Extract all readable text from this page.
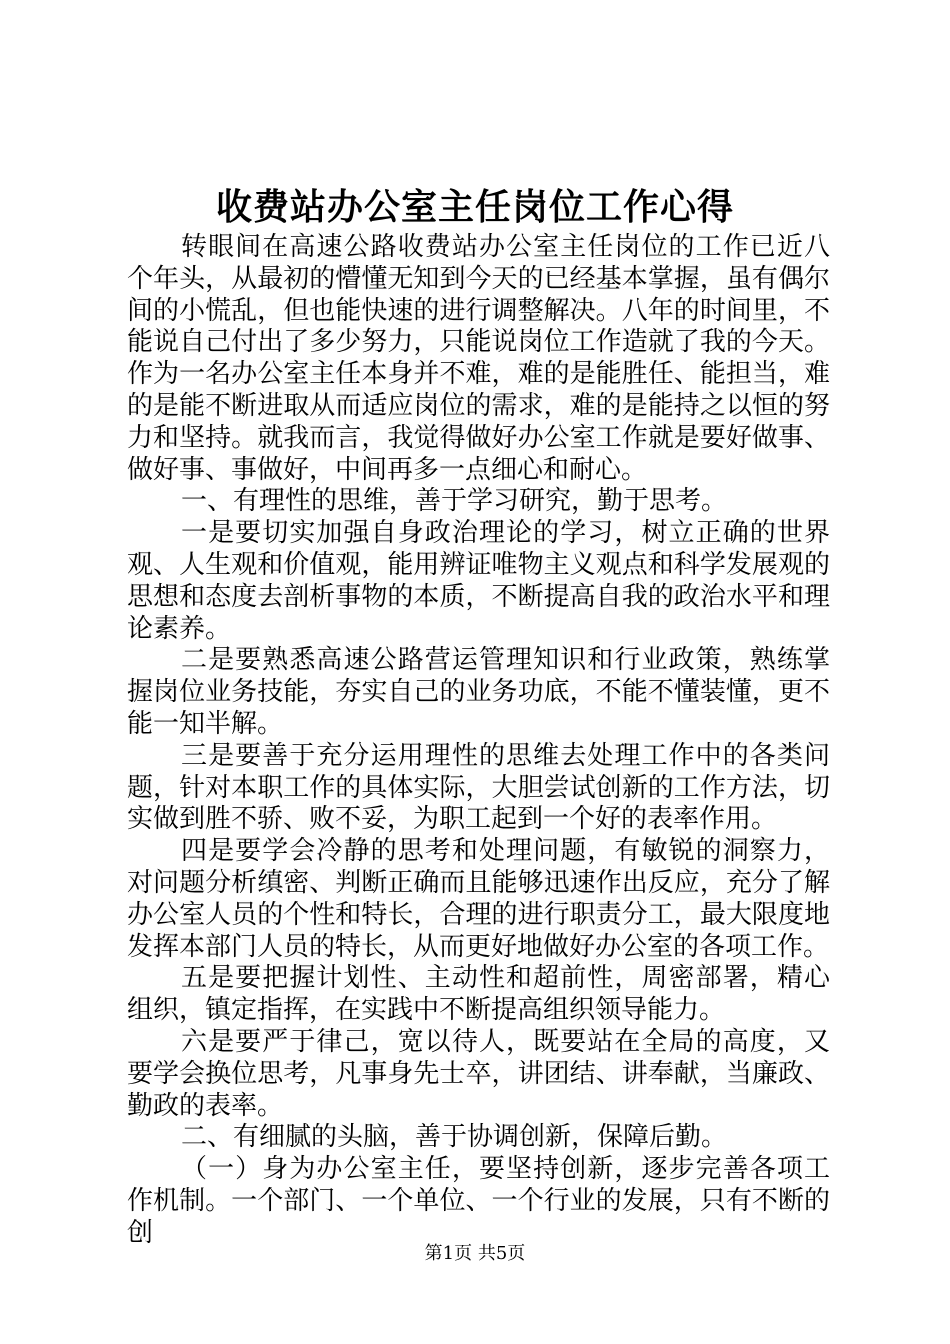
收费站办公室主任岗位工作心得

转眼间在高速公路收费站办公室主任岗位的工作已近八个年头，从最初的懵懂无知到今天的已经基本掌握，虽有偶尔间的小慌乱，但也能快速的进行调整解决。八年的时间里，不能说自己付出了多少努力，只能说岗位工作造就了我的今天。作为一名办公室主任本身并不难，难的是能胜任、能担当，难的是能不断进取从而适应岗位的需求，难的是能持之以恒的努力和坚持。就我而言，我觉得做好办公室工作就是要好做事、做好事、事做好，中间再多一点细心和耐心。

一、有理性的思维，善于学习研究，勤于思考。

一是要切实加强自身政治理论的学习，树立正确的世界观、人生观和价值观，能用辨证唯物主义观点和科学发展观的思想和态度去剖析事物的本质，不断提高自我的政治水平和理论素养。

二是要熟悉高速公路营运管理知识和行业政策，熟练掌握岗位业务技能，夯实自己的业务功底，不能不懂装懂，更不能一知半解。

三是要善于充分运用理性的思维去处理工作中的各类问题，针对本职工作的具体实际，大胆尝试创新的工作方法，切实做到胜不骄、败不妥，为职工起到一个好的表率作用。

四是要学会冷静的思考和处理问题，有敏锐的洞察力，对问题分析缜密、判断正确而且能够迅速作出反应，充分了解办公室人员的个性和特长，合理的进行职责分工，最大限度地发挥本部门人员的特长，从而更好地做好办公室的各项工作。

五是要把握计划性、主动性和超前性，周密部署，精心组织，镇定指挥，在实践中不断提高组织领导能力。

六是要严于律己，宽以待人，既要站在全局的高度，又要学会换位思考，凡事身先士卒，讲团结、讲奉献，当廉政、勤政的表率。

二、有细腻的头脑，善于协调创新，保障后勤。

（一）身为办公室主任，要坚持创新，逐步完善各项工作机制。一个部门、一个单位、一个行业的发展，只有不断的创

第1页 共5页
